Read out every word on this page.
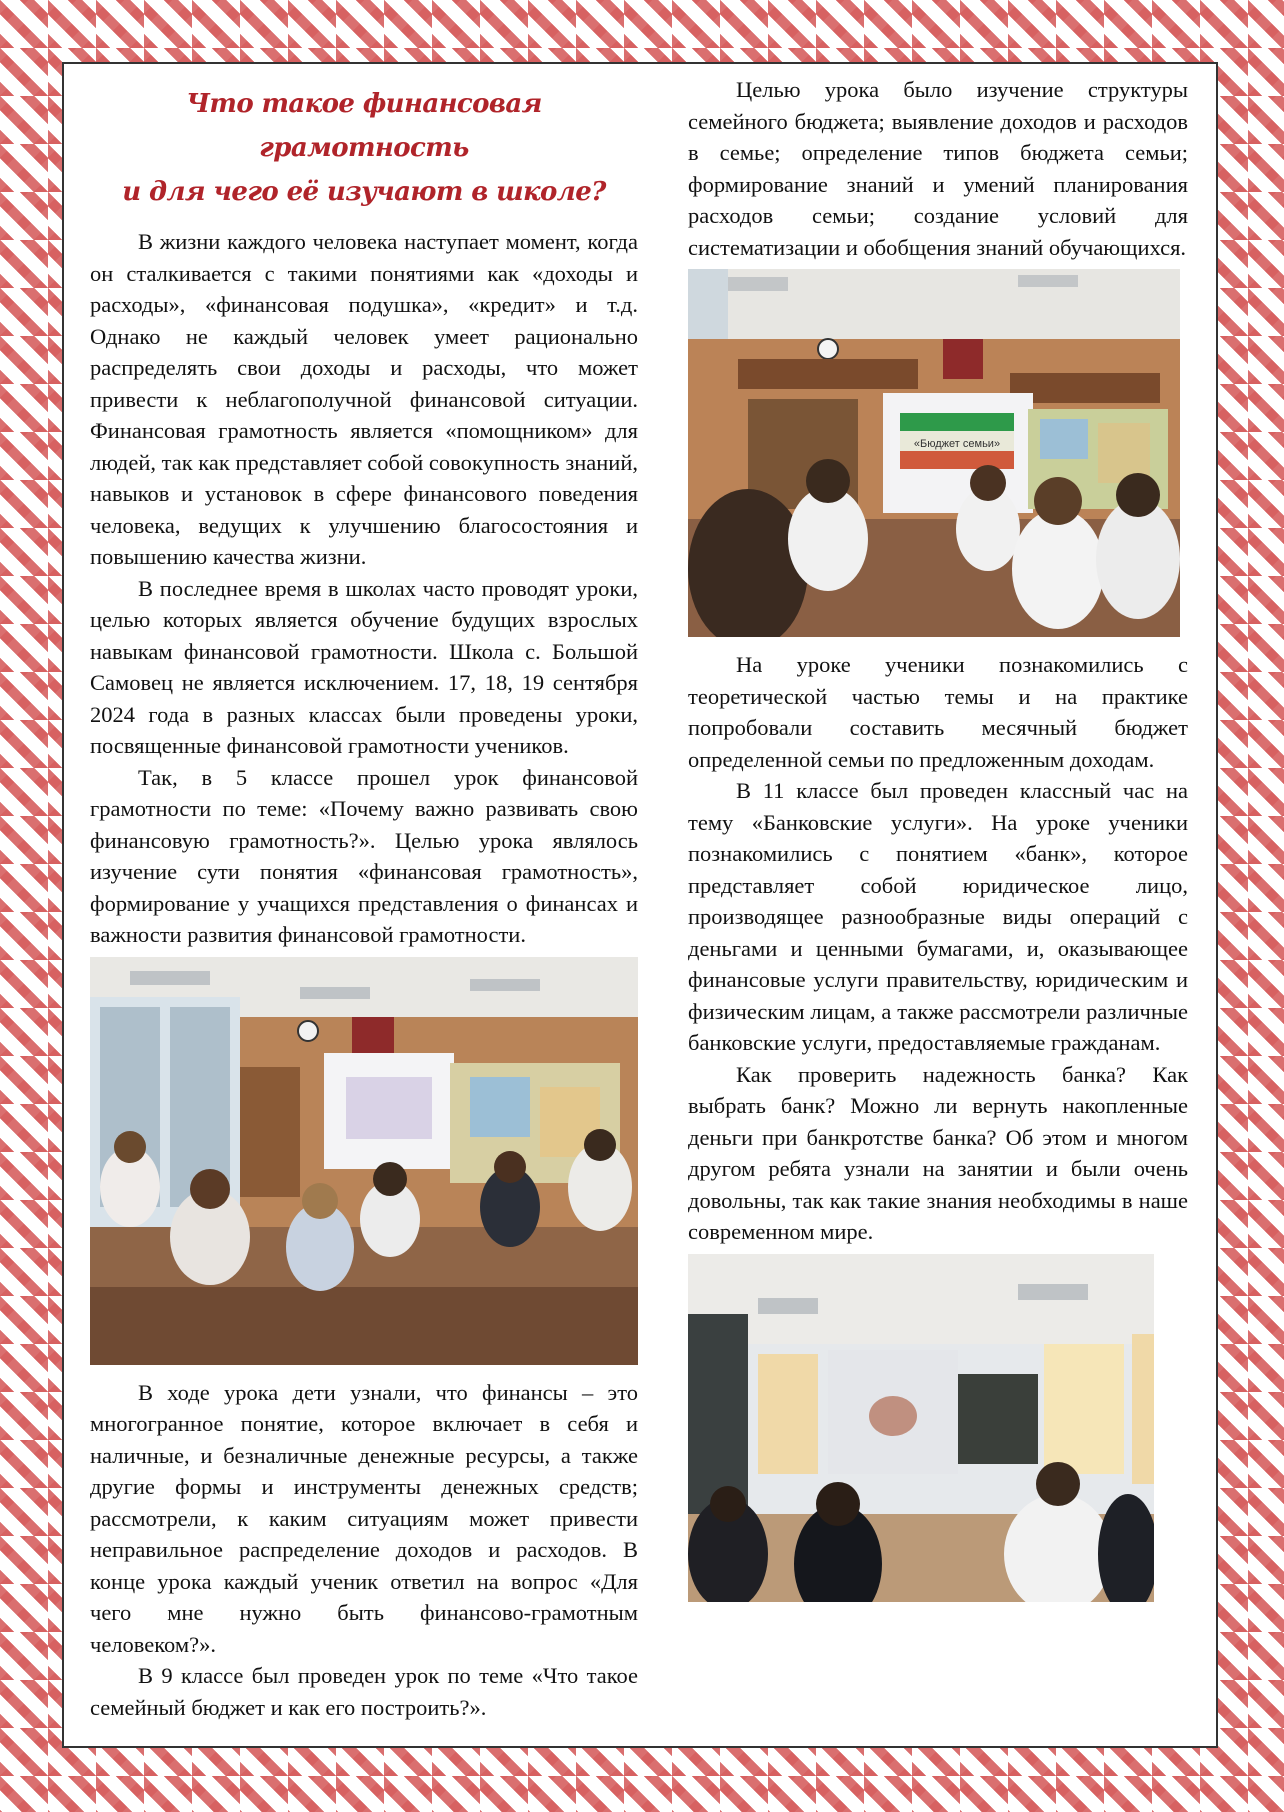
Что такое финансовая грамотность
и для чего её изучают в школе?

В жизни каждого человека наступает момент, когда он сталкивается с такими понятиями как «доходы и расходы», «финансовая подушка», «кредит» и т.д. Однако не каждый человек умеет рационально распределять свои доходы и расходы, что может привести к неблагополучной финансовой ситуации. Финансовая грамотность является «помощником» для людей, так как представляет собой совокупность знаний, навыков и установок в сфере финансового поведения человека, ведущих к улучшению благосостояния и повышению качества жизни.

В последнее время в школах часто проводят уроки, целью которых является обучение будущих взрослых навыкам финансовой грамотности. Школа с. Большой Самовец не является исключением. 17, 18, 19 сентября 2024 года в разных классах были проведены уроки, посвященные финансовой грамотности учеников.

Так, в 5 классе прошел урок финансовой грамотности по теме: «Почему важно развивать свою финансовую грамотность?». Целью урока являлось изучение сути понятия «финансовая грамотность», формирование у учащихся представления о финансах и важности развития финансовой грамотности.

В ходе урока дети узнали, что финансы – это многогранное понятие, которое включает в себя и наличные, и безналичные денежные ресурсы, а также другие формы и инструменты денежных средств; рассмотрели, к каким ситуациям может привести неправильное распределение доходов и расходов. В конце урока каждый ученик ответил на вопрос «Для чего мне нужно быть финансово-грамотным человеком?».

В 9 классе был проведен урок по теме «Что такое семейный бюджет и как его построить?».

Целью урока было изучение структуры семейного бюджета; выявление доходов и расходов в семье; определение типов бюджета семьи; формирование знаний и умений планирования расходов семьи; создание условий для систематизации и обобщения знаний обучающихся.

«Бюджет семьи»

На уроке ученики познакомились с теоретической частью темы и на практике попробовали составить месячный бюджет определенной семьи по предложенным доходам.

В 11 классе был проведен классный час на тему «Банковские услуги». На уроке ученики познакомились с понятием «банк», которое представляет собой юридическое лицо, производящее разнообразные виды операций с деньгами и ценными бумагами, и, оказывающее финансовые услуги правительству, юридическим и физическим лицам, а также рассмотрели различные банковские услуги, предоставляемые гражданам.

Как проверить надежность банка? Как выбрать банк? Можно ли вернуть накопленные деньги при банкротстве банка? Об этом и многом другом ребята узнали на занятии и были очень довольны, так как такие знания необходимы в наше современном мире.
